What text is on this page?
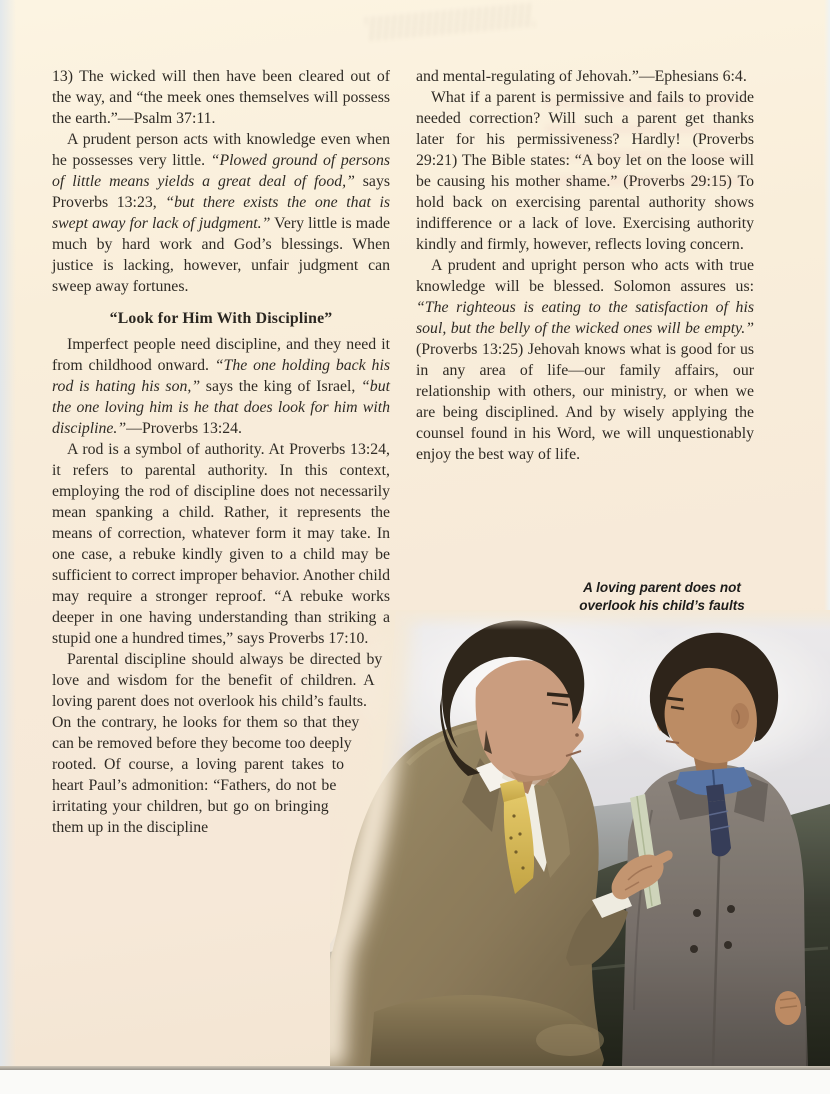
13) The wicked will then have been cleared out of the way, and “the meek ones themselves will possess the earth.”—Psalm 37:11.

A prudent person acts with knowledge even when he possesses very little. “Plowed ground of persons of little means yields a great deal of food,” says Proverbs 13:23, “but there exists the one that is swept away for lack of judgment.” Very little is made much by hard work and God’s blessings. When justice is lacking, however, unfair judgment can sweep away fortunes.

“Look for Him With Discipline”

Imperfect people need discipline, and they need it from childhood onward. “The one holding back his rod is hating his son,” says the king of Israel, “but the one loving him is he that does look for him with discipline.”—Proverbs 13:24.

A rod is a symbol of authority. At Proverbs 13:24, it refers to parental authority. In this context, employing the rod of discipline does not necessarily mean spanking a child. Rather, it represents the means of correction, whatever form it may take. In one case, a rebuke kindly given to a child may be sufficient to correct improper behavior. Another child may require a stronger reproof. “A rebuke works deeper in one having understanding than striking a stupid one a hundred times,” says Proverbs 17:10.

Parental discipline should always be directed by love and wisdom for the benefit of children. A loving parent does not overlook his child’s faults. On the contrary, he looks for them so that they can be removed before they become too deeply rooted. Of course, a loving parent takes to heart Paul’s admonition: “Fathers, do not be irritating your children, but go on bringing them up in the discipline

and mental-regulating of Jehovah.”—Ephesians 6:4.

What if a parent is permissive and fails to provide needed correction? Will such a parent get thanks later for his permissiveness? Hardly! (Proverbs 29:21) The Bible states: “A boy let on the loose will be causing his mother shame.” (Proverbs 29:15) To hold back on exercising parental authority shows indifference or a lack of love. Exercising authority kindly and firmly, however, reflects loving concern.

A prudent and upright person who acts with true knowledge will be blessed. Solomon assures us: “The righteous is eating to the satisfaction of his soul, but the belly of the wicked ones will be empty.” (Proverbs 13:25) Jehovah knows what is good for us in any area of life—our family affairs, our relationship with others, our ministry, or when we are being disciplined. And by wisely applying the counsel found in his Word, we will unquestionably enjoy the best way of life.

A loving parent does not
overlook his child’s faults
